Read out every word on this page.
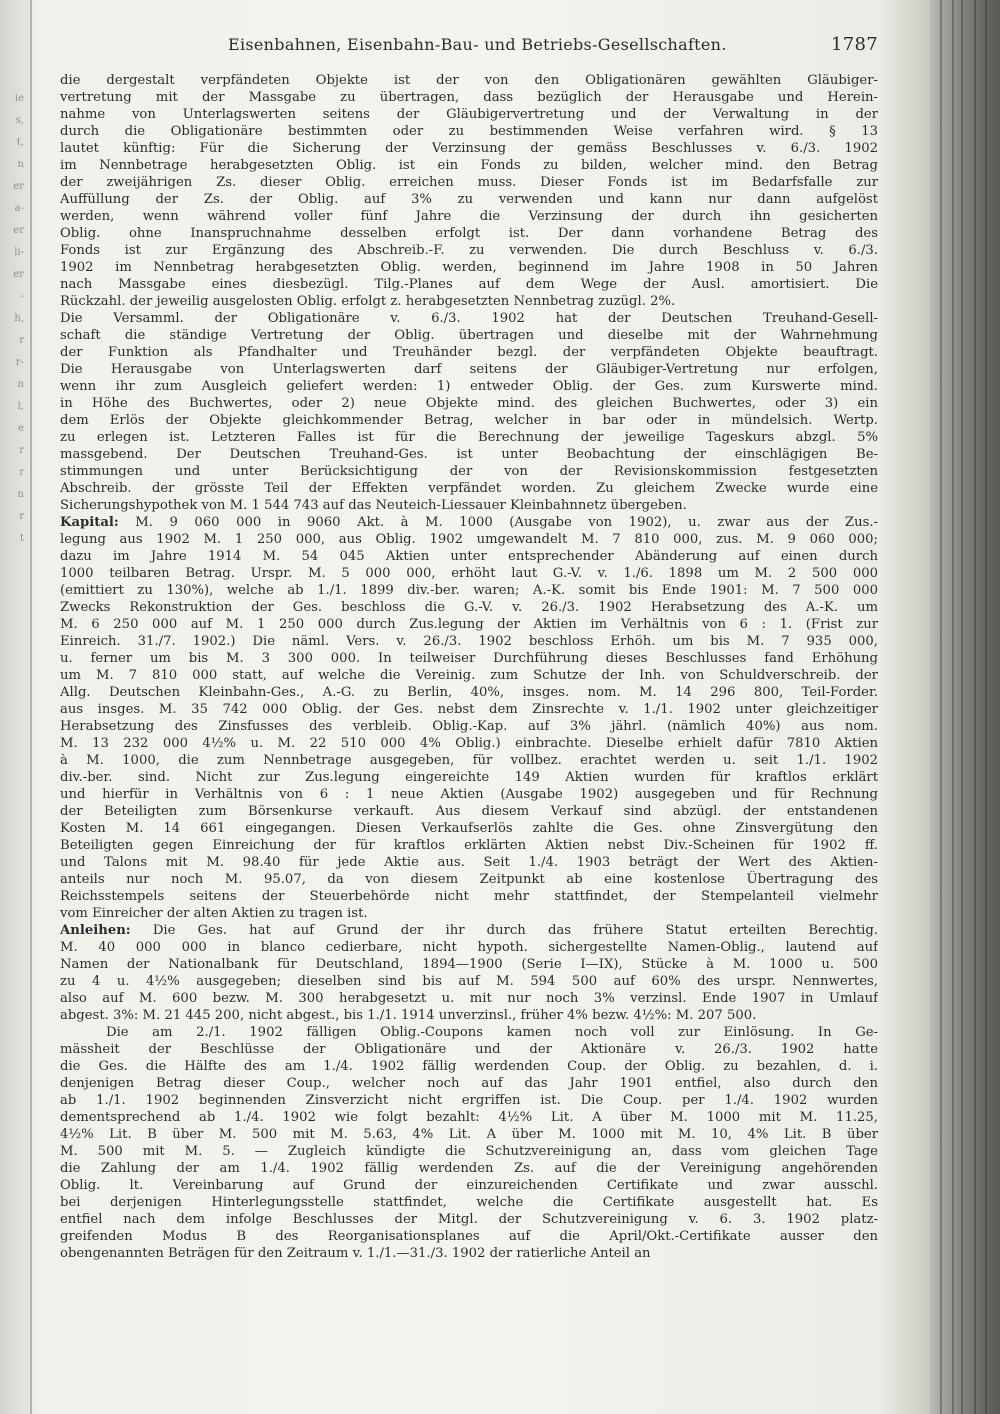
ie
s,
t,
n
er
a-
er
li-
er
-
h,
r
r-
n
l,
e
r
r
n
r
t
Eisenbahnen, Eisenbahn-Bau- und Betriebs-Gesellschaften.	1787

die dergestalt verpfändeten Objekte ist der von den Obligationären gewählten Gläubiger-
vertretung mit der Massgabe zu übertragen, dass bezüglich der Herausgabe und Herein-
nahme von Unterlagswerten seitens der Gläubigervertretung und der Verwaltung in der
durch die Obligationäre bestimmten oder zu bestimmenden Weise verfahren wird. § 13
lautet künftig: Für die Sicherung der Verzinsung der gemäss Beschlusses v. 6./3. 1902
im Nennbetrage herabgesetzten Oblig. ist ein Fonds zu bilden, welcher mind. den Betrag
der zweijährigen Zs. dieser Oblig. erreichen muss. Dieser Fonds ist im Bedarfsfalle zur
Auffüllung der Zs. der Oblig. auf 3% zu verwenden und kann nur dann aufgelöst
werden, wenn während voller fünf Jahre die Verzinsung der durch ihn gesicherten
Oblig. ohne Inanspruchnahme desselben erfolgt ist. Der dann vorhandene Betrag des
Fonds ist zur Ergänzung des Abschreib.-F. zu verwenden. Die durch Beschluss v. 6./3.
1902 im Nennbetrag herabgesetzten Oblig. werden, beginnend im Jahre 1908 in 50 Jahren
nach Massgabe eines diesbezügl. Tilg.-Planes auf dem Wege der Ausl. amortisiert. Die
Rückzahl. der jeweilig ausgelosten Oblig. erfolgt z. herabgesetzten Nennbetrag zuzügl. 2%.

Die Versamml. der Obligationäre v. 6./3. 1902 hat der Deutschen Treuhand-Gesell-
schaft die ständige Vertretung der Oblig. übertragen und dieselbe mit der Wahrnehmung
der Funktion als Pfandhalter und Treuhänder bezgl. der verpfändeten Objekte beauftragt.
Die Herausgabe von Unterlagswerten darf seitens der Gläubiger-Vertretung nur erfolgen,
wenn ihr zum Ausgleich geliefert werden: 1) entweder Oblig. der Ges. zum Kurswerte mind.
in Höhe des Buchwertes, oder 2) neue Objekte mind. des gleichen Buchwertes, oder 3) ein
dem Erlös der Objekte gleichkommender Betrag, welcher in bar oder in mündelsich. Wertp.
zu erlegen ist. Letzteren Falles ist für die Berechnung der jeweilige Tageskurs abzgl. 5%
massgebend. Der Deutschen Treuhand-Ges. ist unter Beobachtung der einschlägigen Be-
stimmungen und unter Berücksichtigung der von der Revisionskommission festgesetzten
Abschreib. der grösste Teil der Effekten verpfändet worden. Zu gleichem Zwecke wurde eine
Sicherungshypothek von M. 1 544 743 auf das Neuteich-Liessauer Kleinbahnnetz übergeben.

Kapital: M. 9 060 000 in 9060 Akt. à M. 1000 (Ausgabe von 1902), u. zwar aus der Zus.-
legung aus 1902 M. 1 250 000, aus Oblig. 1902 umgewandelt M. 7 810 000, zus. M. 9 060 000;
dazu im Jahre 1914 M. 54 045 Aktien unter entsprechender Abänderung auf einen durch
1000 teilbaren Betrag. Urspr. M. 5 000 000, erhöht laut G.-V. v. 1./6. 1898 um M. 2 500 000
(emittiert zu 130%), welche ab 1./1. 1899 div.-ber. waren; A.-K. somit bis Ende 1901: M. 7 500 000
Zwecks Rekonstruktion der Ges. beschloss die G.-V. v. 26./3. 1902 Herabsetzung des A.-K. um
M. 6 250 000 auf M. 1 250 000 durch Zus.legung der Aktien im Verhältnis von 6 : 1. (Frist zur
Einreich. 31./7. 1902.) Die näml. Vers. v. 26./3. 1902 beschloss Erhöh. um bis M. 7 935 000,
u. ferner um bis M. 3 300 000. In teilweiser Durchführung dieses Beschlusses fand Erhöhung
um M. 7 810 000 statt, auf welche die Vereinig. zum Schutze der Inh. von Schuldverschreib. der
Allg. Deutschen Kleinbahn-Ges., A.-G. zu Berlin, 40%, insges. nom. M. 14 296 800, Teil-Forder.
aus insges. M. 35 742 000 Oblig. der Ges. nebst dem Zinsrechte v. 1./1. 1902 unter gleichzeitiger
Herabsetzung des Zinsfusses des verbleib. Oblig.-Kap. auf 3% jährl. (nämlich 40%) aus nom.
M. 13 232 000 4½% u. M. 22 510 000 4% Oblig.) einbrachte. Dieselbe erhielt dafür 7810 Aktien
à M. 1000, die zum Nennbetrage ausgegeben, für vollbez. erachtet werden u. seit 1./1. 1902
div.-ber. sind. Nicht zur Zus.legung eingereichte 149 Aktien wurden für kraftlos erklärt
und hierfür in Verhältnis von 6 : 1 neue Aktien (Ausgabe 1902) ausgegeben und für Rechnung
der Beteiligten zum Börsenkurse verkauft. Aus diesem Verkauf sind abzügl. der entstandenen
Kosten M. 14 661 eingegangen. Diesen Verkaufserlös zahlte die Ges. ohne Zinsvergütung den
Beteiligten gegen Einreichung der für kraftlos erklärten Aktien nebst Div.-Scheinen für 1902 ff.
und Talons mit M. 98.40 für jede Aktie aus. Seit 1./4. 1903 beträgt der Wert des Aktien-
anteils nur noch M. 95.07, da von diesem Zeitpunkt ab eine kostenlose Übertragung des
Reichsstempels seitens der Steuerbehörde nicht mehr stattfindet, der Stempelanteil vielmehr
vom Einreicher der alten Aktien zu tragen ist.

Anleihen: Die Ges. hat auf Grund der ihr durch das frühere Statut erteilten Berechtig.
M. 40 000 000 in blanco cedierbare, nicht hypoth. sichergestellte Namen-Oblig., lautend auf
Namen der Nationalbank für Deutschland, 1894—1900 (Serie I—IX), Stücke à M. 1000 u. 500
zu 4 u. 4½% ausgegeben; dieselben sind bis auf M. 594 500 auf 60% des urspr. Nennwertes,
also auf M. 600 bezw. M. 300 herabgesetzt u. mit nur noch 3% verzinsl. Ende 1907 in Umlauf
abgest. 3%: M. 21 445 200, nicht abgest., bis 1./1. 1914 unverzinsl., früher 4% bezw. 4½%: M. 207 500.

Die am 2./1. 1902 fälligen Oblig.-Coupons kamen noch voll zur Einlösung. In Ge-
mässheit der Beschlüsse der Obligationäre und der Aktionäre v. 26./3. 1902 hatte
die Ges. die Hälfte des am 1./4. 1902 fällig werdenden Coup. der Oblig. zu bezahlen, d. i.
denjenigen Betrag dieser Coup., welcher noch auf das Jahr 1901 entfiel, also durch den
ab 1./1. 1902 beginnenden Zinsverzicht nicht ergriffen ist. Die Coup. per 1./4. 1902 wurden
dementsprechend ab 1./4. 1902 wie folgt bezahlt: 4½% Lit. A über M. 1000 mit M. 11.25,
4½% Lit. B über M. 500 mit M. 5.63, 4% Lit. A über M. 1000 mit M. 10, 4% Lit. B über
M. 500 mit M. 5. — Zugleich kündigte die Schutzvereinigung an, dass vom gleichen Tage
die Zahlung der am 1./4. 1902 fällig werdenden Zs. auf die der Vereinigung angehörenden
Oblig. lt. Vereinbarung auf Grund der einzureichenden Certifikate und zwar ausschl.
bei derjenigen Hinterlegungsstelle stattfindet, welche die Certifikate ausgestellt hat. Es
entfiel nach dem infolge Beschlusses der Mitgl. der Schutzvereinigung v. 6. 3. 1902 platz-
greifenden Modus B des Reorganisationsplanes auf die April/Okt.-Certifikate ausser den
obengenannten Beträgen für den Zeitraum v. 1./1.—31./3. 1902 der ratierliche Anteil an
